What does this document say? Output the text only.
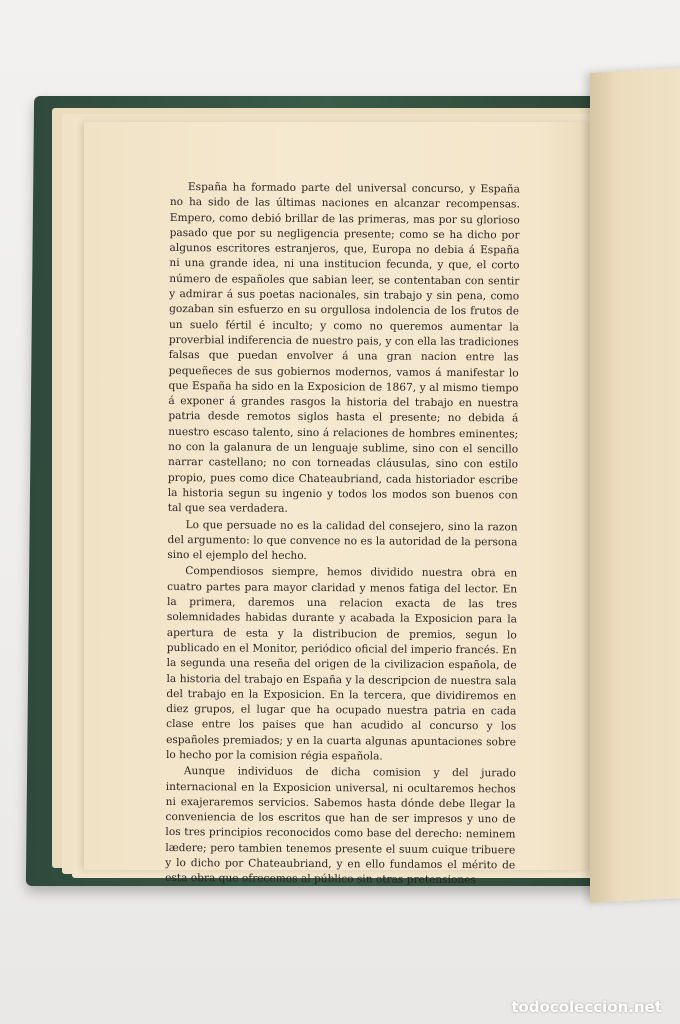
España ha formado parte del universal concurso, y España no ha sido de las últimas naciones en alcanzar recompensas. Empero, como debió brillar de las primeras, mas por su glorioso pasado que por su negligencia presente; como se ha dicho por algunos escritores estranjeros, que, Europa no debia á España ni una grande idea, ni una institucion fecunda, y que, el corto número de españoles que sabian leer, se contentaban con sentir y admirar á sus poetas nacionales, sin trabajo y sin pena, como gozaban sin esfuerzo en su orgullosa indolencia de los frutos de un suelo fértil é inculto; y como no queremos aumentar la proverbial indiferencia de nuestro pais, y con ella las tradiciones falsas que puedan envolver á una gran nacion entre las pequeñeces de sus gobiernos modernos, vamos á manifestar lo que España ha sido en la Exposicion de 1867, y al mismo tiempo á exponer á grandes rasgos la historia del trabajo en nuestra patria desde remotos siglos hasta el presente; no debida á nuestro escaso talento, sino á relaciones de hombres eminentes; no con la galanura de un lenguaje sublime, sino con el sencillo narrar castellano; no con torneadas cláusulas, sino con estilo propio, pues como dice Chateaubriand, cada historiador escribe la historia segun su ingenio y todos los modos son buenos con tal que sea verdadera.

Lo que persuade no es la calidad del consejero, sino la razon del argumento: lo que convence no es la autoridad de la persona sino el ejemplo del hecho.

Compendiosos siempre, hemos dividido nuestra obra en cuatro partes para mayor claridad y menos fatiga del lector. En la primera, daremos una relacion exacta de las tres solemnidades habidas durante y acabada la Exposicion para la apertura de esta y la distribucion de premios, segun lo publicado en el Monitor, periódico oficial del imperio francés. En la segunda una reseña del origen de la civilizacion española, de la historia del trabajo en España y la descripcion de nuestra sala del trabajo en la Exposicion. En la tercera, que dividiremos en diez grupos, el lugar que ha ocupado nuestra patria en cada clase entre los paises que han acudido al concurso y los españoles premiados; y en la cuarta algunas apuntaciones sobre lo hecho por la comision régia española.

Aunque individuos de dicha comision y del jurado internacional en la Exposicion universal, ni ocultaremos hechos ni exajeraremos servicios. Sabemos hasta dónde debe llegar la conveniencia de los escritos que han de ser impresos y uno de los tres principios reconocidos como base del derecho: neminem lædere; pero tambien tenemos presente el suum cuique tribuere y lo dicho por Chateaubriand, y en ello fundamos el mérito de esta obra que ofrecemos al público sin otras pretensiones

todocoleccion.net
